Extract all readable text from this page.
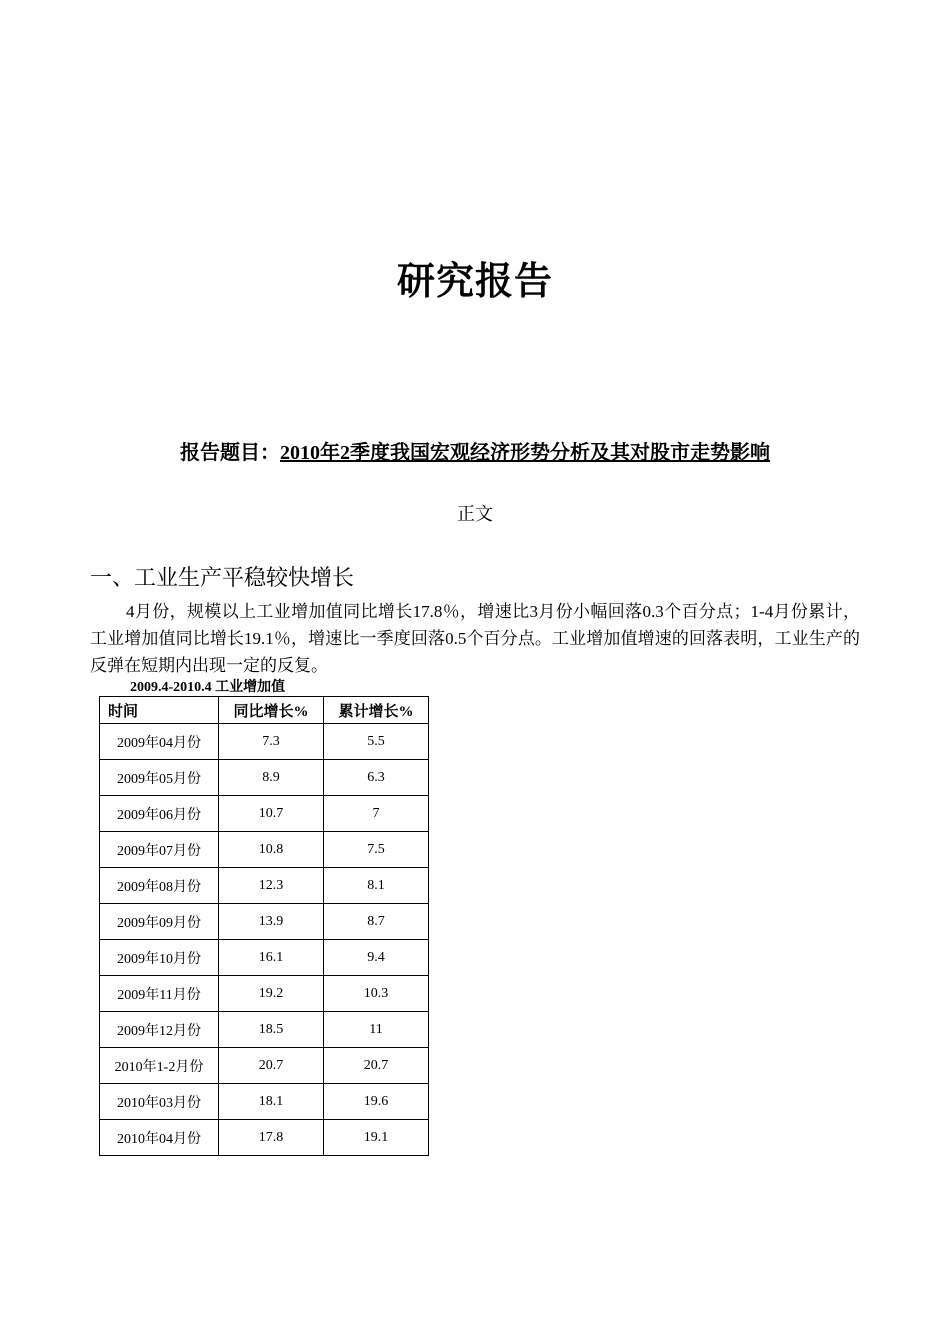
研究报告
报告题目：2010年2季度我国宏观经济形势分析及其对股市走势影响
正文
一、工业生产平稳较快增长
4月份，规模以上工业增加值同比增长17.8％，增速比3月份小幅回落0.3个百分点；1-4月份累计，工业增加值同比增长19.1％，增速比一季度回落0.5个百分点。工业增加值增速的回落表明，工业生产的反弹在短期内出现一定的反复。
2009.4-2010.4 工业增加值
时间	同比增长%	累计增长%
2009年04月份	7.3	5.5
2009年05月份	8.9	6.3
2009年06月份	10.7	7
2009年07月份	10.8	7.5
2009年08月份	12.3	8.1
2009年09月份	13.9	8.7
2009年10月份	16.1	9.4
2009年11月份	19.2	10.3
2009年12月份	18.5	11
2010年1-2月份	20.7	20.7
2010年03月份	18.1	19.6
2010年04月份	17.8	19.1
